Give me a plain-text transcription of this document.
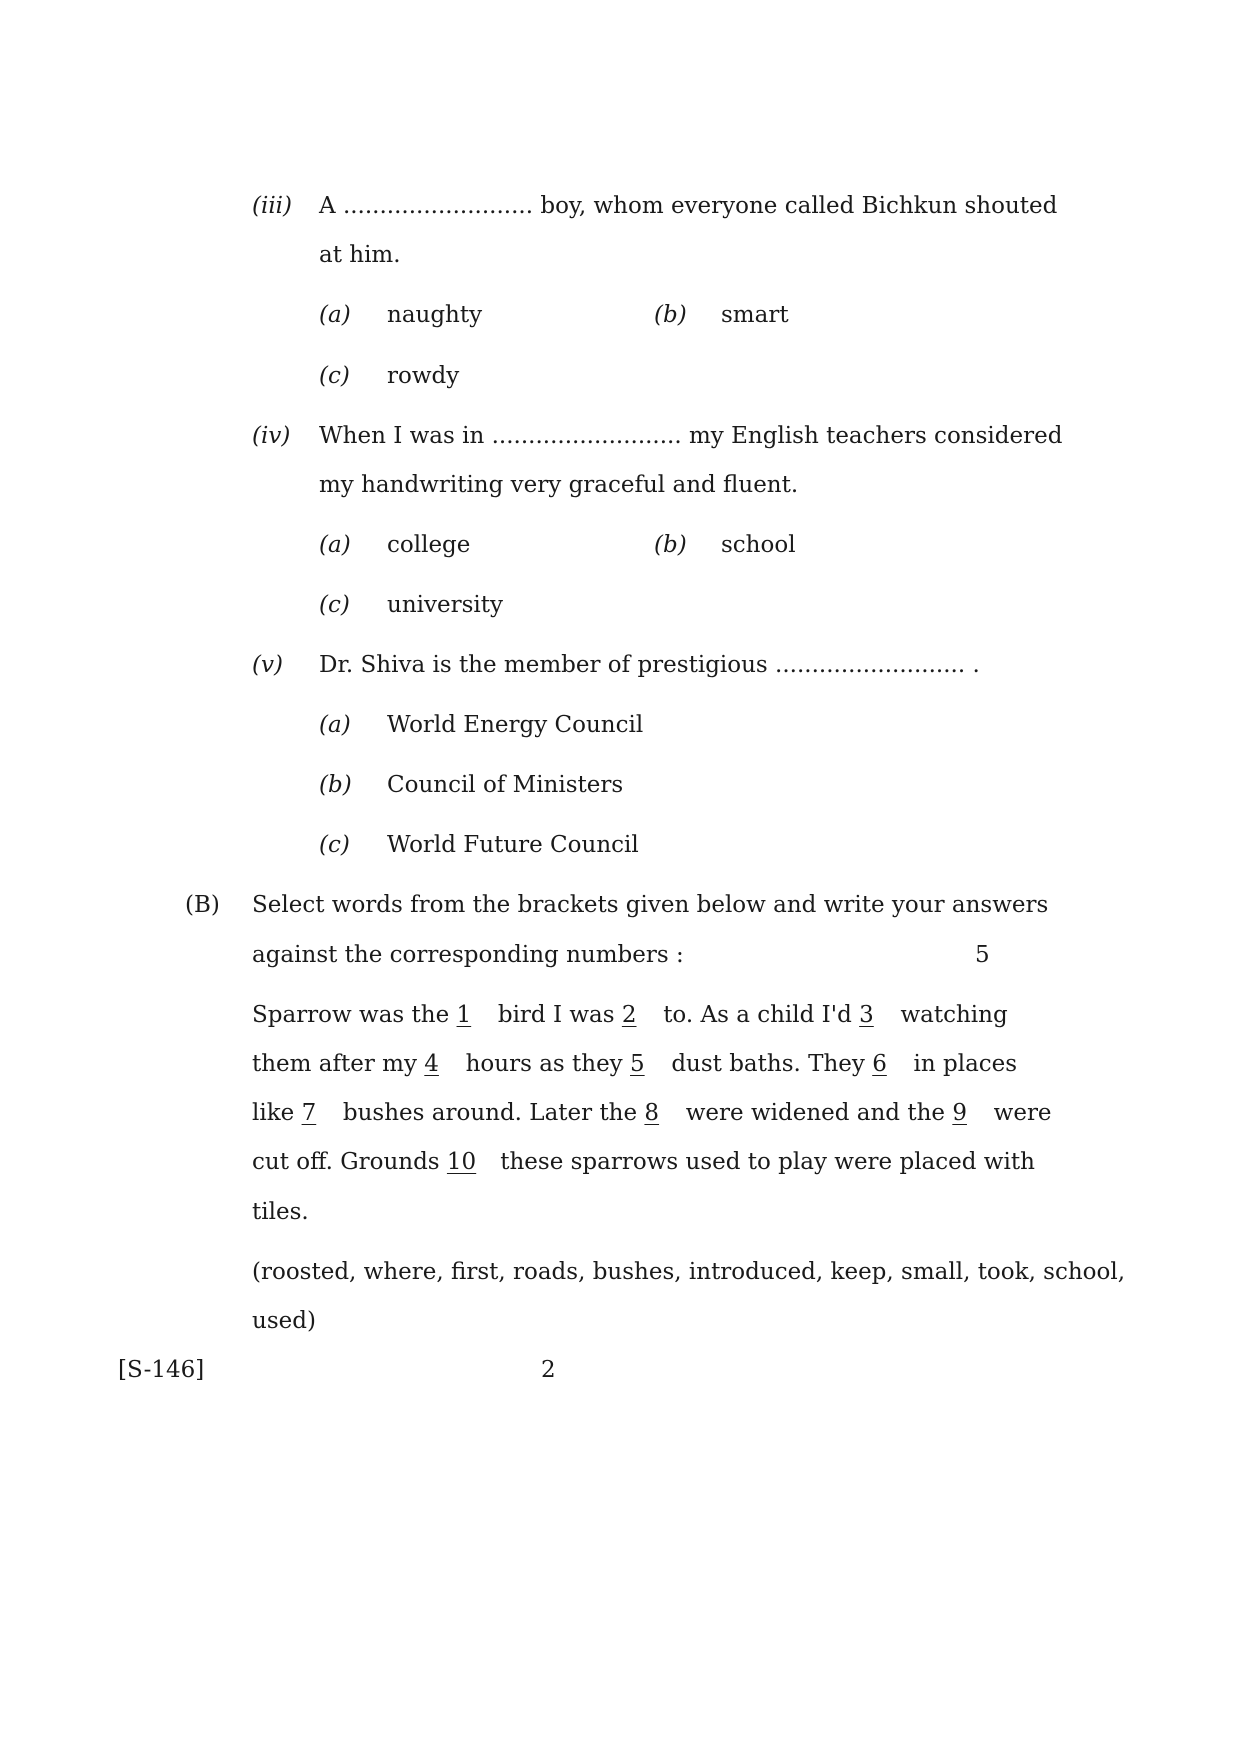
(iii) A .......................... boy, whom everyone called Bichkun shouted
at him.
(a) naughty	(b) smart
(c) rowdy
(iv) When I was in .......................... my English teachers considered
my handwriting very graceful and fluent.
(a) college	(b) school
(c) university
(v) Dr. Shiva is the member of prestigious .......................... .
(a) World Energy Council
(b) Council of Ministers
(c) World Future Council
(B) Select words from the brackets given below and write your answers
against the corresponding numbers :	5
Sparrow was the 1 bird I was 2 to. As a child I'd 3 watching
them after my 4 hours as they 5 dust baths. They 6 in places
like 7 bushes around. Later the 8 were widened and the 9 were
cut off. Grounds 10 these sparrows used to play were placed with
tiles.
(roosted, where, first, roads, bushes, introduced, keep, small, took, school,
used)
[S-146]	2
